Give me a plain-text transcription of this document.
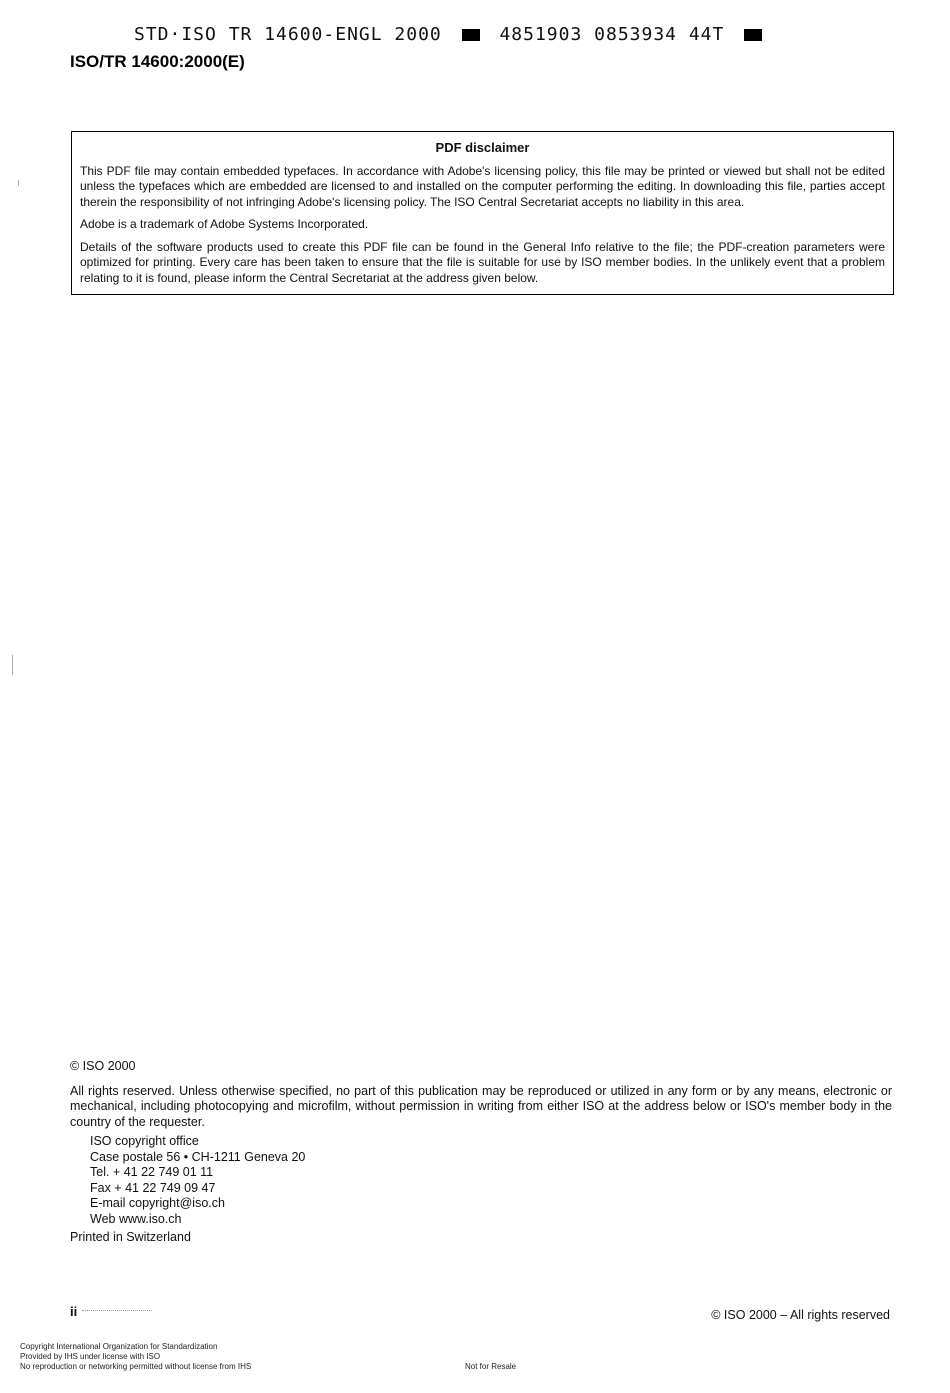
STD·ISO TR 14600-ENGL 2000	4851903 0853934 44T
ISO/TR 14600:2000(E)
PDF disclaimer

This PDF file may contain embedded typefaces. In accordance with Adobe's licensing policy, this file may be printed or viewed but shall not be edited unless the typefaces which are embedded are licensed to and installed on the computer performing the editing. In downloading this file, parties accept therein the responsibility of not infringing Adobe's licensing policy. The ISO Central Secretariat accepts no liability in this area.

Adobe is a trademark of Adobe Systems Incorporated.

Details of the software products used to create this PDF file can be found in the General Info relative to the file; the PDF-creation parameters were optimized for printing. Every care has been taken to ensure that the file is suitable for use by ISO member bodies. In the unlikely event that a problem relating to it is found, please inform the Central Secretariat at the address given below.

© ISO 2000

All rights reserved. Unless otherwise specified, no part of this publication may be reproduced or utilized in any form or by any means, electronic or mechanical, including photocopying and microfilm, without permission in writing from either ISO at the address below or ISO's member body in the country of the requester.

ISO copyright office
Case postale 56 • CH-1211 Geneva 20
Tel. + 41 22 749 01 11
Fax + 41 22 749 09 47
E-mail copyright@iso.ch
Web www.iso.ch
Printed in Switzerland
ii	© ISO 2000 – All rights reserved
Copyright International Organization for Standardization
Provided by IHS under license with ISO
No reproduction or networking permitted without license from IHS	Not for Resale
